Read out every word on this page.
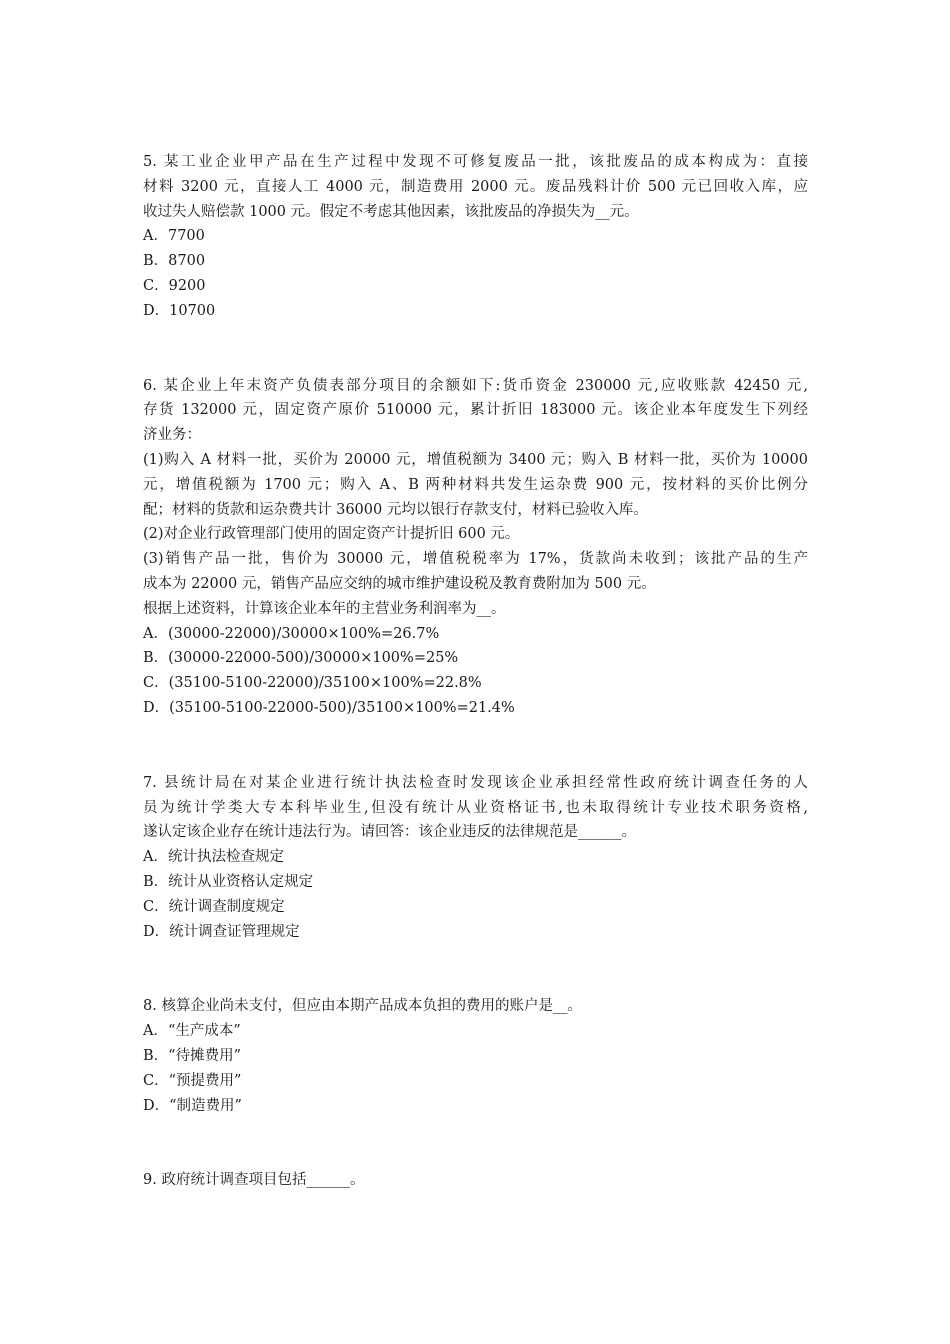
5. 某工业企业甲产品在生产过程中发现不可修复废品一批，该批废品的成本构成为：直接
材料 3200 元，直接人工 4000 元，制造费用 2000 元。废品残料计价 500 元已回收入库，应
收过失人赔偿款 1000 元。假定不考虑其他因素，该批废品的净损失为__元。
A．7700
B．8700
C．9200
D．10700
6. 某企业上年末资产负债表部分项目的余额如下:货币资金 230000 元,应收账款 42450 元,
存货 132000 元，固定资产原价 510000 元，累计折旧 183000 元。该企业本年度发生下列经
济业务：
(1)购入 A 材料一批，买价为 20000 元，增值税额为 3400 元；购入 B 材料一批，买价为 10000
元，增值税额为 1700 元；购入 A、B 两种材料共发生运杂费 900 元，按材料的买价比例分
配；材料的货款和运杂费共计 36000 元均以银行存款支付，材料已验收入库。
(2)对企业行政管理部门使用的固定资产计提折旧 600 元。
(3)销售产品一批，售价为 30000 元，增值税税率为 17%，货款尚未收到；该批产品的生产
成本为 22000 元，销售产品应交纳的城市维护建设税及教育费附加为 500 元。
根据上述资料，计算该企业本年的主营业务利润率为__。
A．(30000-22000)/30000×100%=26.7%
B．(30000-22000-500)/30000×100%=25%
C．(35100-5100-22000)/35100×100%=22.8%
D．(35100-5100-22000-500)/35100×100%=21.4%
7. 县统计局在对某企业进行统计执法检查时发现该企业承担经常性政府统计调查任务的人
员为统计学类大专本科毕业生,但没有统计从业资格证书,也未取得统计专业技术职务资格,
遂认定该企业存在统计违法行为。请回答：该企业违反的法律规范是______。
A．统计执法检查规定
B．统计从业资格认定规定
C．统计调查制度规定
D．统计调查证管理规定
8. 核算企业尚未支付，但应由本期产品成本负担的费用的账户是__。
A．“生产成本”
B．“待摊费用”
C．“预提费用”
D．“制造费用”
9. 政府统计调查项目包括______。
